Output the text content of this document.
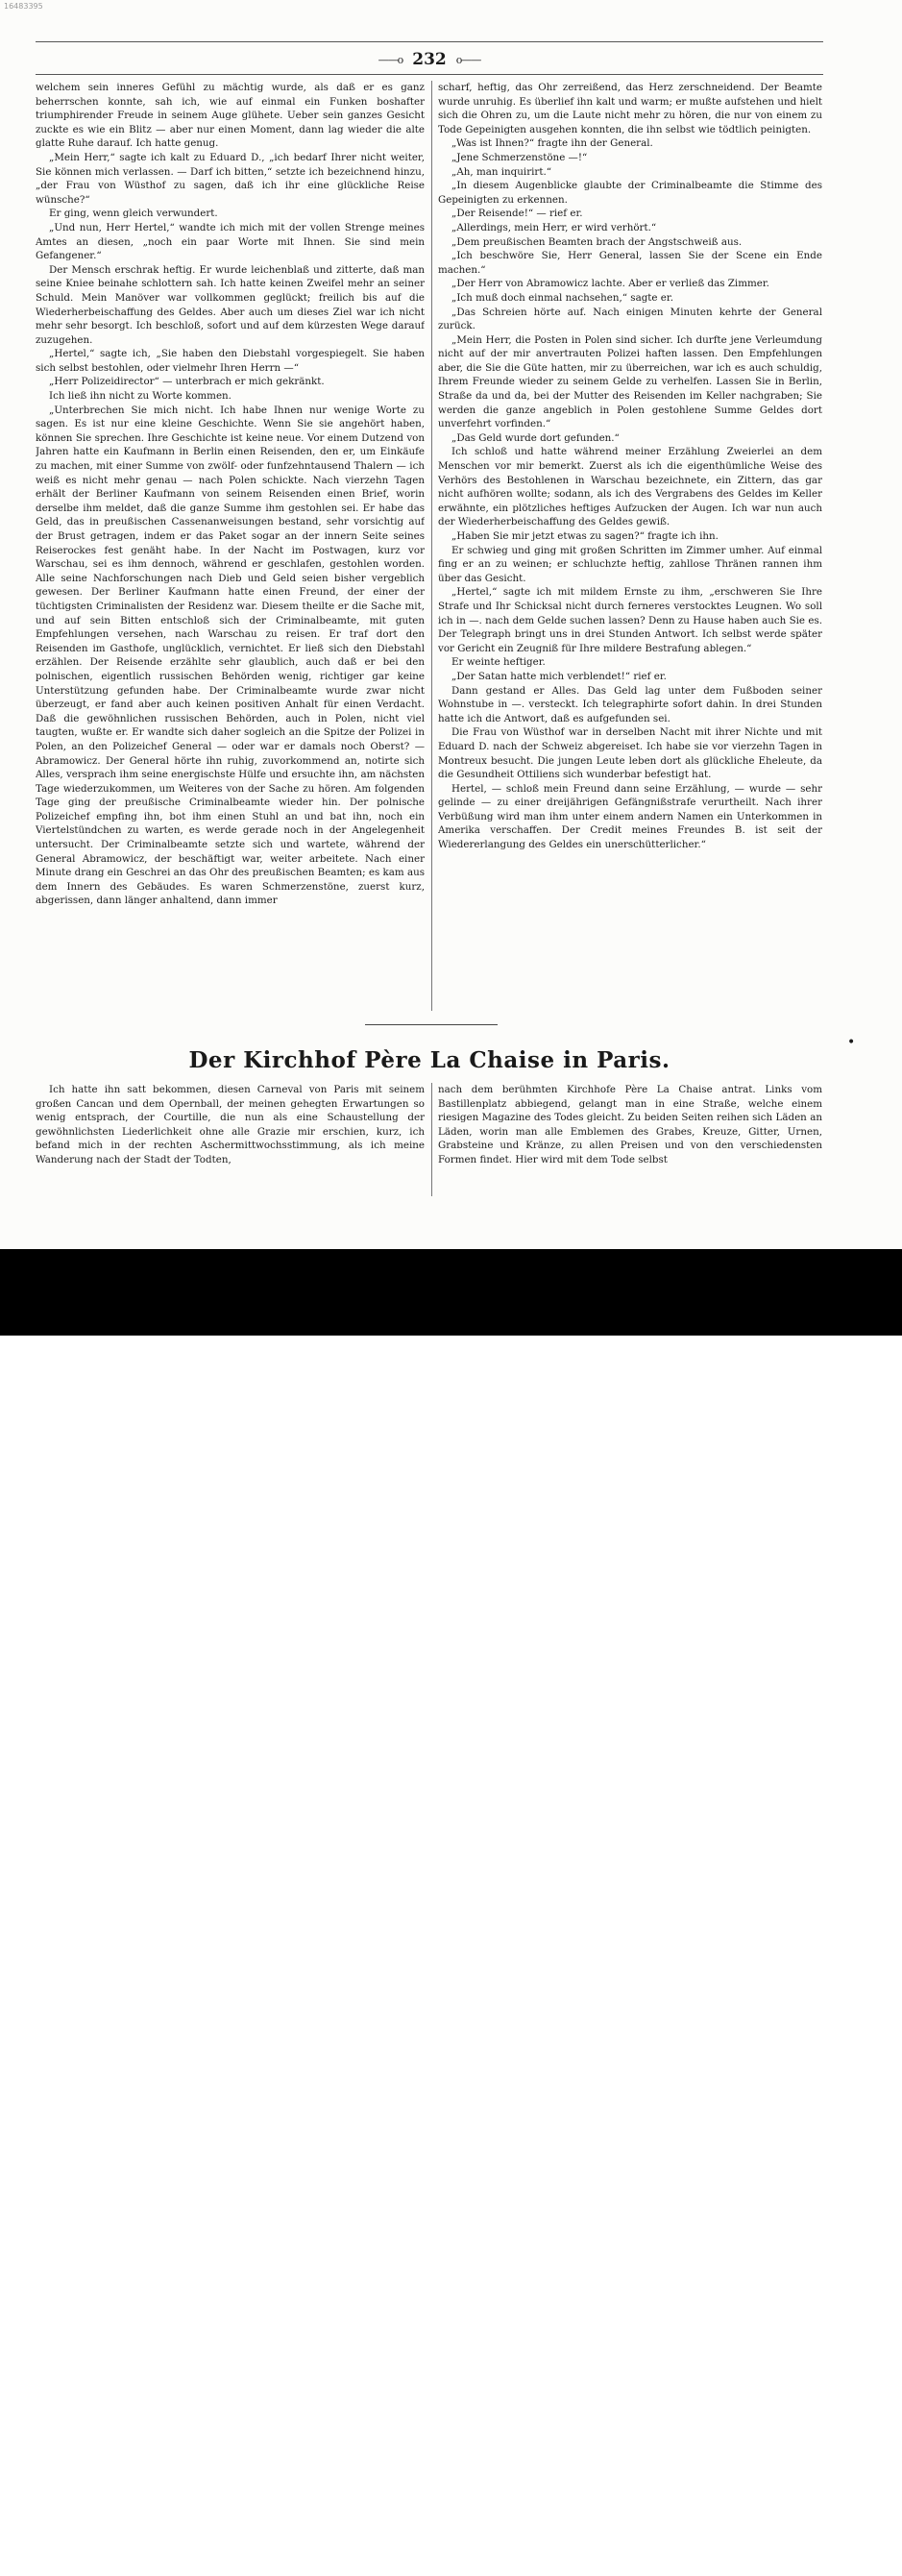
16483395
——o 232 o——

welchem sein inneres Gefühl zu mächtig wurde, als daß er es ganz beherrschen konnte, sah ich, wie auf einmal ein Funken boshafter triumphirender Freude in seinem Auge glühete. Ueber sein ganzes Gesicht zuckte es wie ein Blitz — aber nur einen Moment, dann lag wieder die alte glatte Ruhe darauf. Ich hatte genug.

„Mein Herr,“ sagte ich kalt zu Eduard D., „ich bedarf Ihrer nicht weiter, Sie können mich verlassen. — Darf ich bitten,“ setzte ich bezeichnend hinzu, „der Frau von Wüsthof zu sagen, daß ich ihr eine glückliche Reise wünsche?“

Er ging, wenn gleich verwundert.

„Und nun, Herr Hertel,“ wandte ich mich mit der vollen Strenge meines Amtes an diesen, „noch ein paar Worte mit Ihnen. Sie sind mein Gefangener.“

Der Mensch erschrak heftig. Er wurde leichenblaß und zitterte, daß man seine Kniee beinahe schlottern sah. Ich hatte keinen Zweifel mehr an seiner Schuld. Mein Manöver war vollkommen geglückt; freilich bis auf die Wiederherbeischaffung des Geldes. Aber auch um dieses Ziel war ich nicht mehr sehr besorgt. Ich beschloß, sofort und auf dem kürzesten Wege darauf zuzugehen.

„Hertel,“ sagte ich, „Sie haben den Diebstahl vorgespiegelt. Sie haben sich selbst bestohlen, oder vielmehr Ihren Herrn —“

„Herr Polizeidirector“ — unterbrach er mich gekränkt.

Ich ließ ihn nicht zu Worte kommen.

„Unterbrechen Sie mich nicht. Ich habe Ihnen nur wenige Worte zu sagen. Es ist nur eine kleine Geschichte. Wenn Sie sie angehört haben, können Sie sprechen. Ihre Geschichte ist keine neue. Vor einem Dutzend von Jahren hatte ein Kaufmann in Berlin einen Reisenden, den er, um Einkäufe zu machen, mit einer Summe von zwölf- oder funfzehntausend Thalern — ich weiß es nicht mehr genau — nach Polen schickte. Nach vierzehn Tagen erhält der Berliner Kaufmann von seinem Reisenden einen Brief, worin derselbe ihm meldet, daß die ganze Summe ihm gestohlen sei. Er habe das Geld, das in preußischen Cassenanweisungen bestand, sehr vorsichtig auf der Brust getragen, indem er das Paket sogar an der innern Seite seines Reiserockes fest genäht habe. In der Nacht im Postwagen, kurz vor Warschau, sei es ihm dennoch, während er geschlafen, gestohlen worden. Alle seine Nachforschungen nach Dieb und Geld seien bisher vergeblich gewesen. Der Berliner Kaufmann hatte einen Freund, der einer der tüchtigsten Criminalisten der Residenz war. Diesem theilte er die Sache mit, und auf sein Bitten entschloß sich der Criminalbeamte, mit guten Empfehlungen versehen, nach Warschau zu reisen. Er traf dort den Reisenden im Gasthofe, unglücklich, vernichtet. Er ließ sich den Diebstahl erzählen. Der Reisende erzählte sehr glaublich, auch daß er bei den polnischen, eigentlich russischen Behörden wenig, richtiger gar keine Unterstützung gefunden habe. Der Criminalbeamte wurde zwar nicht überzeugt, er fand aber auch keinen positiven Anhalt für einen Verdacht. Daß die gewöhnlichen russischen Behörden, auch in Polen, nicht viel taugten, wußte er. Er wandte sich daher sogleich an die Spitze der Polizei in Polen, an den Polizeichef General — oder war er damals noch Oberst? — Abramowicz. Der General hörte ihn ruhig, zuvorkommend an, notirte sich Alles, versprach ihm seine energischste Hülfe und ersuchte ihn, am nächsten Tage wiederzukommen, um Weiteres von der Sache zu hören. Am folgenden Tage ging der preußische Criminalbeamte wieder hin. Der polnische Polizeichef empfing ihn, bot ihm einen Stuhl an und bat ihn, noch ein Viertelstündchen zu warten, es werde gerade noch in der Angelegenheit untersucht. Der Criminalbeamte setzte sich und wartete, während der General Abramowicz, der beschäftigt war, weiter arbeitete. Nach einer Minute drang ein Geschrei an das Ohr des preußischen Beamten; es kam aus dem Innern des Gebäudes. Es waren Schmerzenstöne, zuerst kurz, abgerissen, dann länger anhaltend, dann immer

scharf, heftig, das Ohr zerreißend, das Herz zerschneidend. Der Beamte wurde unruhig. Es überlief ihn kalt und warm; er mußte aufstehen und hielt sich die Ohren zu, um die Laute nicht mehr zu hören, die nur von einem zu Tode Gepeinigten ausgehen konnten, die ihn selbst wie tödtlich peinigten.

„Was ist Ihnen?“ fragte ihn der General.

„Jene Schmerzenstöne —!“

„Ah, man inquirirt.“

„In diesem Augenblicke glaubte der Criminalbeamte die Stimme des Gepeinigten zu erkennen.

„Der Reisende!“ — rief er.

„Allerdings, mein Herr, er wird verhört.“

„Dem preußischen Beamten brach der Angstschweiß aus.

„Ich beschwöre Sie, Herr General, lassen Sie der Scene ein Ende machen.“

„Der Herr von Abramowicz lachte. Aber er verließ das Zimmer.

„Ich muß doch einmal nachsehen,“ sagte er.

„Das Schreien hörte auf. Nach einigen Minuten kehrte der General zurück.

„Mein Herr, die Posten in Polen sind sicher. Ich durfte jene Verleumdung nicht auf der mir anvertrauten Polizei haften lassen. Den Empfehlungen aber, die Sie die Güte hatten, mir zu überreichen, war ich es auch schuldig, Ihrem Freunde wieder zu seinem Gelde zu verhelfen. Lassen Sie in Berlin, Straße da und da, bei der Mutter des Reisenden im Keller nachgraben; Sie werden die ganze angeblich in Polen gestohlene Summe Geldes dort unverfehrt vorfinden.“

„Das Geld wurde dort gefunden.“

Ich schloß und hatte während meiner Erzählung Zweierlei an dem Menschen vor mir bemerkt. Zuerst als ich die eigenthümliche Weise des Verhörs des Bestohlenen in Warschau bezeichnete, ein Zittern, das gar nicht aufhören wollte; sodann, als ich des Vergrabens des Geldes im Keller erwähnte, ein plötzliches heftiges Aufzucken der Augen. Ich war nun auch der Wiederherbeischaffung des Geldes gewiß.

„Haben Sie mir jetzt etwas zu sagen?“ fragte ich ihn.

Er schwieg und ging mit großen Schritten im Zimmer umher. Auf einmal fing er an zu weinen; er schluchzte heftig, zahllose Thränen rannen ihm über das Gesicht.

„Hertel,“ sagte ich mit mildem Ernste zu ihm, „erschweren Sie Ihre Strafe und Ihr Schicksal nicht durch ferneres verstocktes Leugnen. Wo soll ich in —. nach dem Gelde suchen lassen? Denn zu Hause haben auch Sie es. Der Telegraph bringt uns in drei Stunden Antwort. Ich selbst werde später vor Gericht ein Zeugniß für Ihre mildere Bestrafung ablegen.“

Er weinte heftiger.

„Der Satan hatte mich verblendet!“ rief er.

Dann gestand er Alles. Das Geld lag unter dem Fußboden seiner Wohnstube in —. versteckt. Ich telegraphirte sofort dahin. In drei Stunden hatte ich die Antwort, daß es aufgefunden sei.

Die Frau von Wüsthof war in derselben Nacht mit ihrer Nichte und mit Eduard D. nach der Schweiz abgereiset. Ich habe sie vor vierzehn Tagen in Montreux besucht. Die jungen Leute leben dort als glückliche Eheleute, da die Gesundheit Ottiliens sich wunderbar befestigt hat.

Hertel, — schloß mein Freund dann seine Erzählung, — wurde — sehr gelinde — zu einer dreijährigen Gefängnißstrafe verurtheilt. Nach ihrer Verbüßung wird man ihm unter einem andern Namen ein Unterkommen in Amerika verschaffen. Der Credit meines Freundes B. ist seit der Wiedererlangung des Geldes ein unerschütterlicher.“

•
Der Kirchhof Père La Chaise in Paris.

Ich hatte ihn satt bekommen, diesen Carneval von Paris mit seinem großen Cancan und dem Opernball, der meinen gehegten Erwartungen so wenig entsprach, der Courtille, die nun als eine Schaustellung der gewöhnlichsten Liederlichkeit ohne alle Grazie mir erschien, kurz, ich befand mich in der rechten Aschermittwochsstimmung, als ich meine Wanderung nach der Stadt der Todten,

nach dem berühmten Kirchhofe Père La Chaise antrat. Links vom Bastillenplatz abbiegend, gelangt man in eine Straße, welche einem riesigen Magazine des Todes gleicht. Zu beiden Seiten reihen sich Läden an Läden, worin man alle Emblemen des Grabes, Kreuze, Gitter, Urnen, Grabsteine und Kränze, zu allen Preisen und von den verschiedensten Formen findet. Hier wird mit dem Tode selbst

alamy	Image ID: J3B9XF
www.alamy.com
